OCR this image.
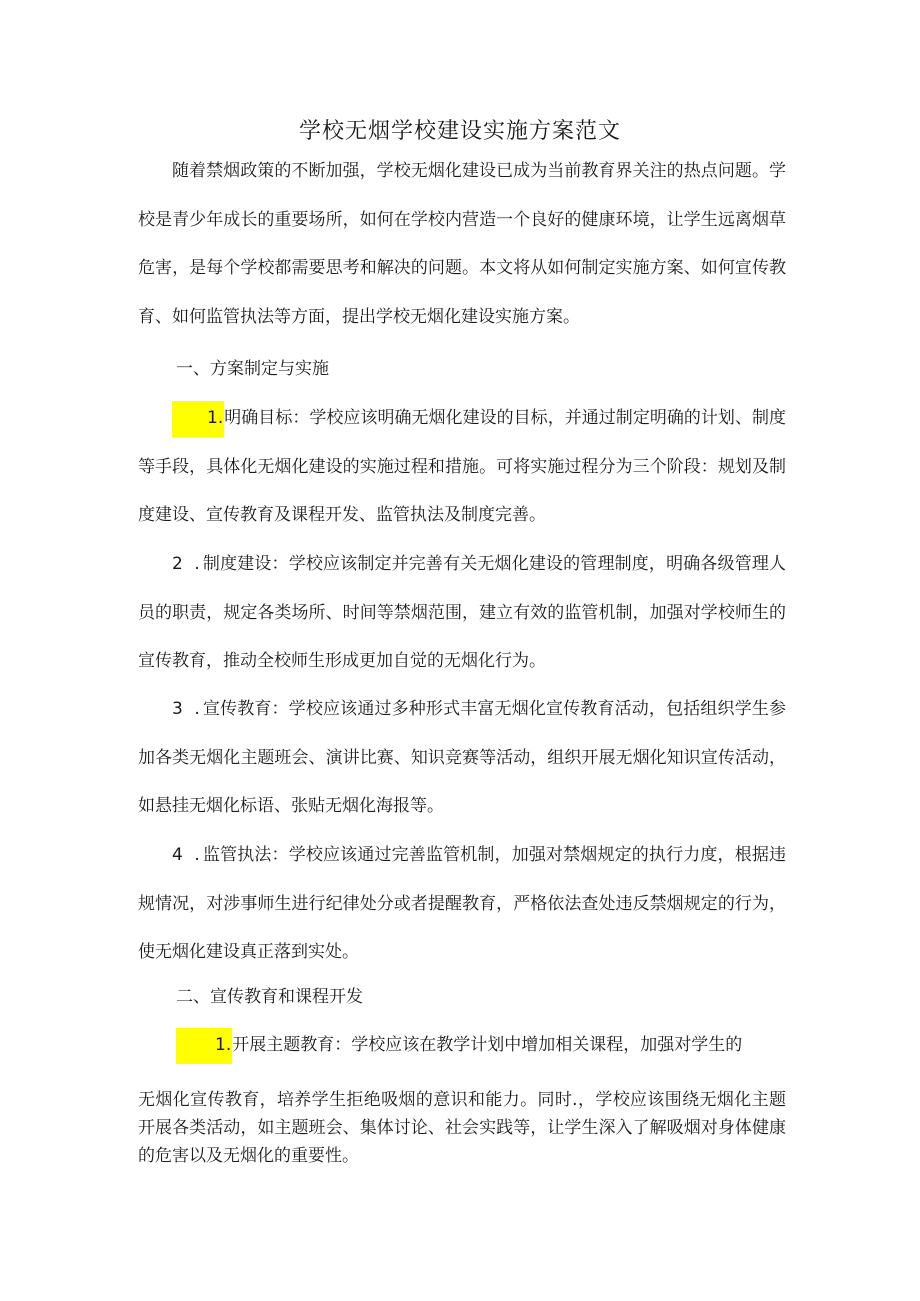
学校无烟学校建设实施方案范文
随着禁烟政策的不断加强，学校无烟化建设已成为当前教育界关注的热点问题。学校是青少年成长的重要场所，如何在学校内营造一个良好的健康环境，让学生远离烟草危害，是每个学校都需要思考和解决的问题。本文将从如何制定实施方案、如何宣传教育、如何监管执法等方面，提出学校无烟化建设实施方案。
一、方案制定与实施
1.明确目标：学校应该明确无烟化建设的目标，并通过制定明确的计划、制度等手段，具体化无烟化建设的实施过程和措施。可将实施过程分为三个阶段：规划及制度建设、宣传教育及课程开发、监管执法及制度完善。
2 .制度建设：学校应该制定并完善有关无烟化建设的管理制度，明确各级管理人员的职责，规定各类场所、时间等禁烟范围，建立有效的监管机制，加强对学校师生的宣传教育，推动全校师生形成更加自觉的无烟化行为。
3 .宣传教育：学校应该通过多种形式丰富无烟化宣传教育活动，包括组织学生参加各类无烟化主题班会、演讲比赛、知识竞赛等活动，组织开展无烟化知识宣传活动，如悬挂无烟化标语、张贴无烟化海报等。
4 .监管执法：学校应该通过完善监管机制，加强对禁烟规定的执行力度，根据违规情况，对涉事师生进行纪律处分或者提醒教育，严格依法查处违反禁烟规定的行为，使无烟化建设真正落到实处。
二、宣传教育和课程开发
1.开展主题教育：学校应该在教学计划中增加相关课程，加强对学生的
无烟化宣传教育，培养学生拒绝吸烟的意识和能力。同时.，学校应该围绕无烟化主题开展各类活动，如主题班会、集体讨论、社会实践等，让学生深入了解吸烟对身体健康的危害以及无烟化的重要性。
